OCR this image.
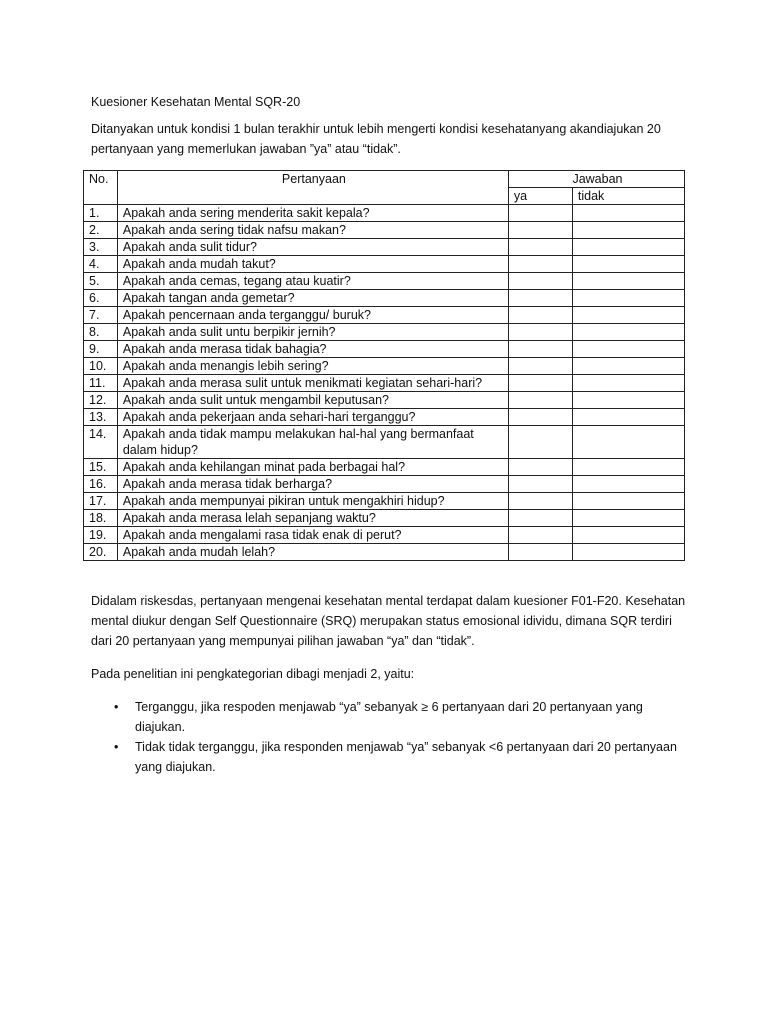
Kuesioner Kesehatan Mental SQR-20

Ditanyakan untuk kondisi 1 bulan terakhir untuk lebih mengerti kondisi kesehatanyang akandiajukan 20 pertanyaan yang memerlukan jawaban ”ya” atau “tidak”.

No.	Pertanyaan	Jawaban	
		ya	tidak
1.	Apakah anda sering menderita sakit kepala?		
2.	Apakah anda sering tidak nafsu makan?		
3.	Apakah anda sulit tidur?		
4.	Apakah anda mudah takut?		
5.	Apakah anda cemas, tegang atau kuatir?		
6.	Apakah tangan anda gemetar?		
7.	Apakah pencernaan anda terganggu/ buruk?		
8.	Apakah anda sulit untu berpikir jernih?		
9.	Apakah anda merasa tidak bahagia?		
10.	Apakah anda menangis lebih sering?		
11.	Apakah anda merasa sulit untuk menikmati kegiatan sehari-hari?		
12.	Apakah anda sulit untuk mengambil keputusan?		
13.	Apakah anda pekerjaan anda sehari-hari terganggu?		
14.	Apakah anda tidak mampu melakukan hal-hal yang bermanfaat dalam hidup?		
15.	Apakah anda kehilangan minat pada berbagai hal?		
16.	Apakah anda merasa tidak berharga?		
17.	Apakah anda mempunyai pikiran untuk mengakhiri hidup?		
18.	Apakah anda merasa lelah sepanjang waktu?		
19.	Apakah anda mengalami rasa tidak enak di perut?		
20.	Apakah anda mudah lelah?		

Didalam riskesdas, pertanyaan mengenai kesehatan mental terdapat dalam kuesioner F01-F20. Kesehatan mental diukur dengan Self Questionnaire (SRQ) merupakan status emosional idividu, dimana SQR terdiri dari 20 pertanyaan yang mempunyai pilihan jawaban “ya” dan “tidak”.

Pada penelitian ini pengkategorian dibagi menjadi 2, yaitu:

•	Terganggu, jika respoden menjawab “ya” sebanyak ≥ 6 pertanyaan dari 20 pertanyaan yang diajukan.
•	Tidak tidak terganggu, jika responden menjawab “ya” sebanyak <6 pertanyaan dari 20 pertanyaan yang diajukan.
